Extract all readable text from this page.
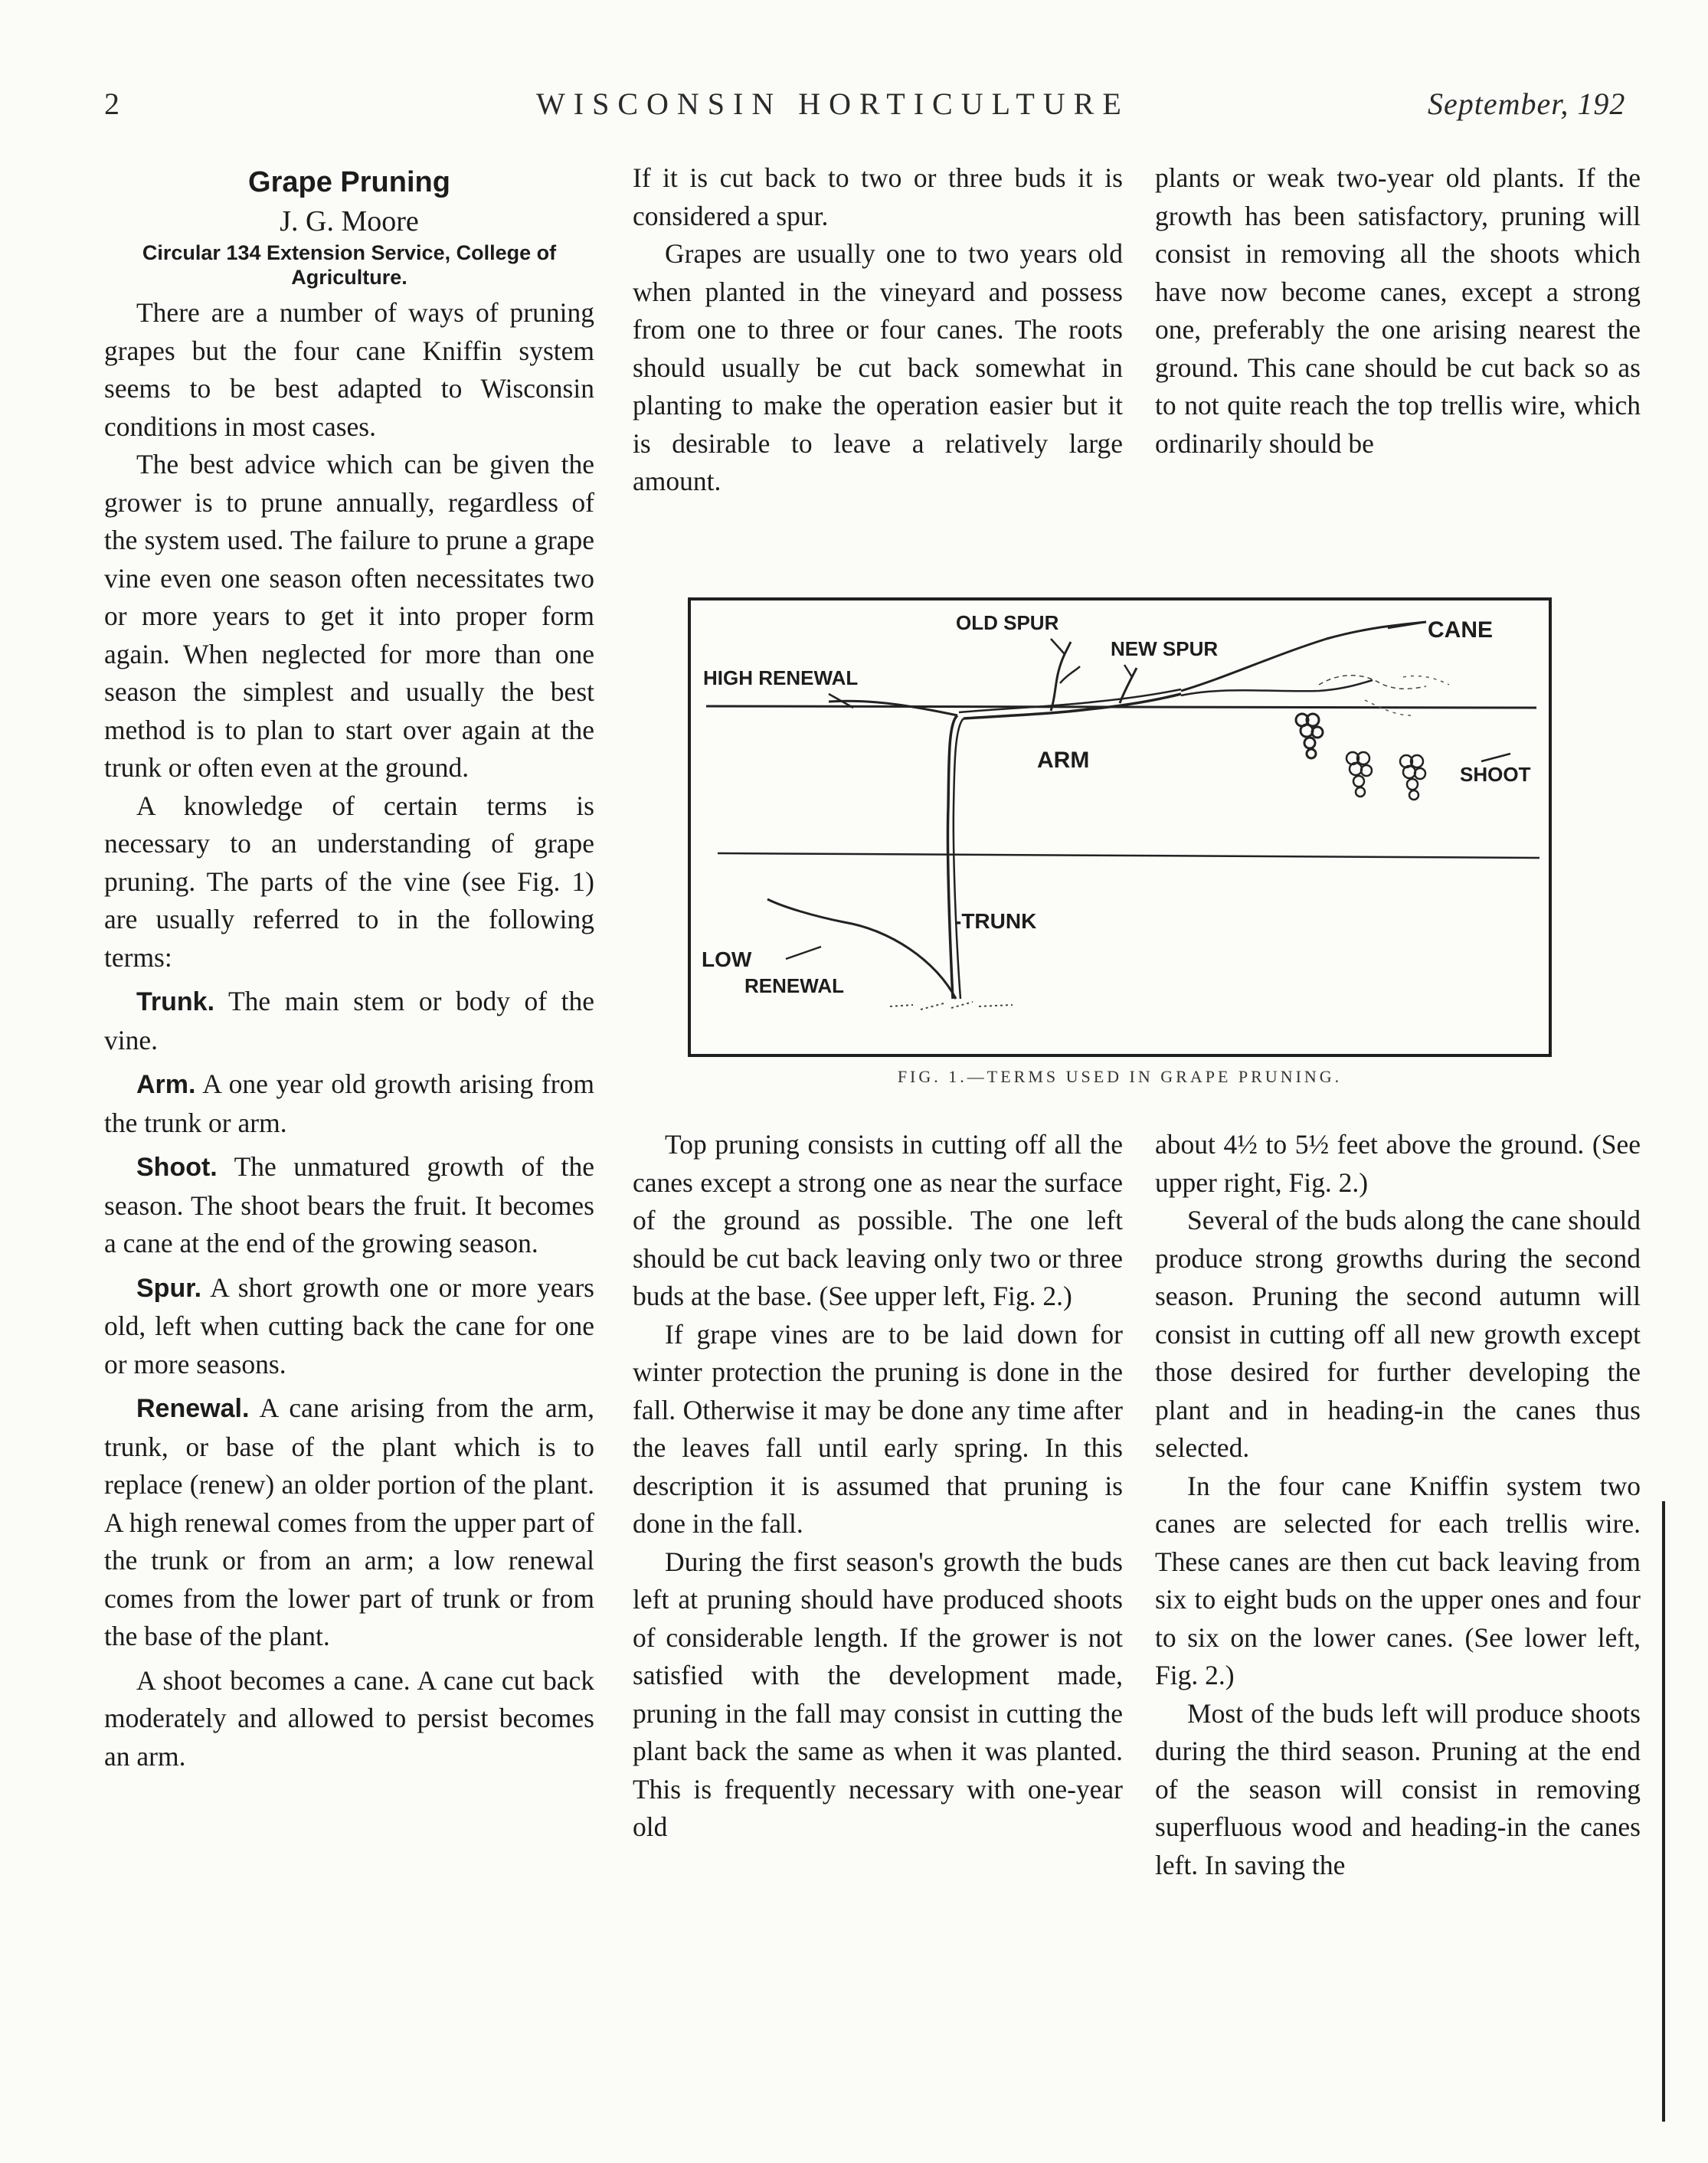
2	WISCONSIN HORTICULTURE	September, 192

Grape Pruning

J. G. Moore

Circular 134 Extension Service, College of Agriculture.

There are a number of ways of pruning grapes but the four cane Kniffin system seems to be best adapted to Wisconsin conditions in most cases.

The best advice which can be given the grower is to prune annually, regardless of the system used. The failure to prune a grape vine even one season often necessitates two or more years to get it into proper form again. When neglected for more than one season the simplest and usually the best method is to plan to start over again at the trunk or often even at the ground.

A knowledge of certain terms is necessary to an understanding of grape pruning. The parts of the vine (see Fig. 1) are usually referred to in the following terms:

Trunk. The main stem or body of the vine.

Arm. A one year old growth arising from the trunk or arm.

Shoot. The unmatured growth of the season. The shoot bears the fruit. It becomes a cane at the end of the growing season.

Spur. A short growth one or more years old, left when cutting back the cane for one or more seasons.

Renewal. A cane arising from the arm, trunk, or base of the plant which is to replace (renew) an older portion of the plant. A high renewal comes from the upper part of the trunk or from an arm; a low renewal comes from the lower part of trunk or from the base of the plant.

A shoot becomes a cane. A cane cut back moderately and allowed to persist becomes an arm.

If it is cut back to two or three buds it is considered a spur.

Grapes are usually one to two years old when planted in the vineyard and possess from one to three or four canes. The roots should usually be cut back somewhat in planting to make the operation easier but it is desirable to leave a relatively large amount.

plants or weak two-year old plants. If the growth has been satisfactory, pruning will consist in removing all the shoots which have now become canes, except a strong one, preferably the one arising nearest the ground. This cane should be cut back so as to not quite reach the top trellis wire, which ordinarily should be

OLD SPUR
NEW SPUR
CANE
HIGH RENEWAL
ARM
SHOOT
-TRUNK
LOW
RENEWAL
FIG. 1.—TERMS USED IN GRAPE PRUNING.

Top pruning consists in cutting off all the canes except a strong one as near the surface of the ground as possible. The one left should be cut back leaving only two or three buds at the base. (See upper left, Fig. 2.)

If grape vines are to be laid down for winter protection the pruning is done in the fall. Otherwise it may be done any time after the leaves fall until early spring. In this description it is assumed that pruning is done in the fall.

During the first season's growth the buds left at pruning should have produced shoots of considerable length. If the grower is not satisfied with the development made, pruning in the fall may consist in cutting the plant back the same as when it was planted. This is frequently necessary with one-year old

about 4½ to 5½ feet above the ground. (See upper right, Fig. 2.)

Several of the buds along the cane should produce strong growths during the second season. Pruning the second autumn will consist in cutting off all new growth except those desired for further developing the plant and in heading-in the canes thus selected.

In the four cane Kniffin system two canes are selected for each trellis wire. These canes are then cut back leaving from six to eight buds on the upper ones and four to six on the lower canes. (See lower left, Fig. 2.)

Most of the buds left will produce shoots during the third season. Pruning at the end of the season will consist in removing superfluous wood and heading-in the canes left. In saving the
